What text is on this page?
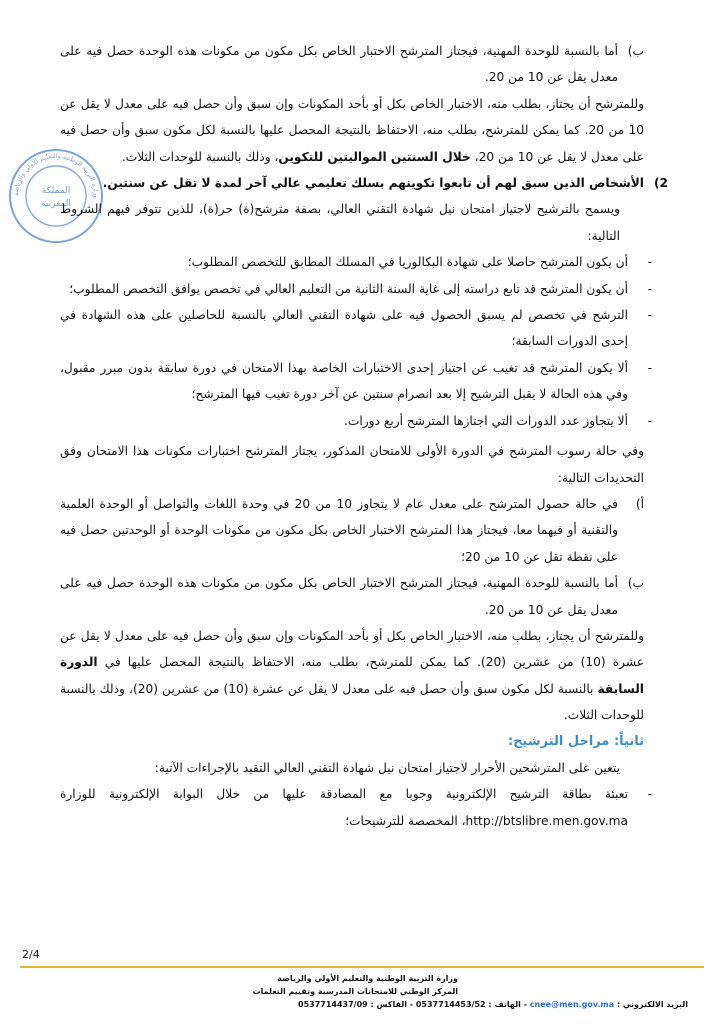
وزارة التربية الوطنية والتعليم الأولي والرياضة
المملكة
المغربية

ب)
أما بالنسبة للوحدة المهنية، فيجتاز المترشح الاختبار الخاص بكل مكون من مكونات هذه الوحدة حصل فيه على معدل يقل عن 10 من 20.

وللمترشح أن يجتاز، بطلب منه، الاختبار الخاص بكل أو بأحد المكونات وإن سبق وأن حصل فيه على معدل لا يقل عن 10 من 20. كما يمكن للمترشح، بطلب منه، الاحتفاظ بالنتيجة المحصل عليها بالنسبة لكل مكون سبق وأن حصل فيه على معدل لا يقل عن 10 من 20، خلال السنتين المواليتين للتكوين، وذلك بالنسبة للوحدات الثلاث.

2)
الأشخاص الذين سبق لهم أن تابعوا تكوينهم بسلك تعليمي عالي آخر لمدة لا تقل عن سنتين.

ويسمح بالترشيح لاجتياز امتحان نيل شهادة التقني العالي، بصفة مترشح(ة) حر(ة)، للذين تتوفر فيهم الشروط التالية:

-
أن يكون المترشح حاصلا على شهادة البكالوريا في المسلك المطابق للتخصص المطلوب؛

-
أن يكون المترشح قد تابع دراسته إلى غاية السنة الثانية من التعليم العالي في تخصص يوافق التخصص المطلوب؛

-
الترشح في تخصص لم يسبق الحصول فيه على شهادة التقني العالي بالنسبة للحاصلين على هذه الشهادة في إحدى الدورات السابقة؛

-
ألا يكون المترشح قد تغيب عن اجتياز إحدى الاختبارات الخاصة بهذا الامتحان في دورة سابقة بدون مبرر مقبول، وفي هذه الحالة لا يقبل الترشيح إلا بعد انصرام سنتين عن آخر دورة تغيب فيها المترشح؛

-
ألا يتجاوز عدد الدورات التي اجتازها المترشح أربع دورات.

وفي حالة رسوب المترشح في الدورة الأولى للامتحان المذكور، يجتاز المترشح اختبارات مكونات هذا الامتحان وفق التحديدات التالية:

أ)
في حالة حصول المترشح على معدل عام لا يتجاوز 10 من 20 في وحدة اللغات والتواصل أو الوحدة العلمية والتقنية أو فيهما معا، فيجتاز هذا المترشح الاختبار الخاص بكل مكون من مكونات الوحدة أو الوحدتين حصل فيه على نقطة تقل عن 10 من 20؛

ب)
أما بالنسبة للوحدة المهنية، فيجتاز المترشح الاختبار الخاص بكل مكون من مكونات هذه الوحدة حصل فيه على معدل يقل عن 10 من 20.

وللمترشح أن يجتاز، بطلب منه، الاختبار الخاص بكل أو بأحد المكونات وإن سبق وأن حصل فيه على معدل لا يقل عن عشرة (10) من عشرين (20). كما يمكن للمترشح، بطلب منه، الاحتفاظ بالنتيجة المحصل عليها في الدورة السابقة بالنسبة لكل مكون سبق وأن حصل فيه على معدل لا يقل عن عشرة (10) من عشرين (20)، وذلك بالنسبة للوحدات الثلاث.

ثانياً: مراحل الترشيح:

يتعين على المترشحين الأحرار لاجتياز امتحان نيل شهادة التقني العالي التقيد بالإجراءات الآتية:

-
تعبئة بطاقة الترشيح الإلكترونية وجوبا مع المصادقة عليها من خلال البوابة الإلكترونية للوزارة http://btslibre.men.gov.ma، المخصصة للترشيحات؛

2/4
وزارة التربية الوطنية والتعليم الأولي والرياضة
المركز الوطني للامتحانات المدرسية وتقييم التعلمات
البريد الالكتروني : cnee@men.gov.ma - الهاتف : 0537714453/52 - الفاكس : 0537714437/09
